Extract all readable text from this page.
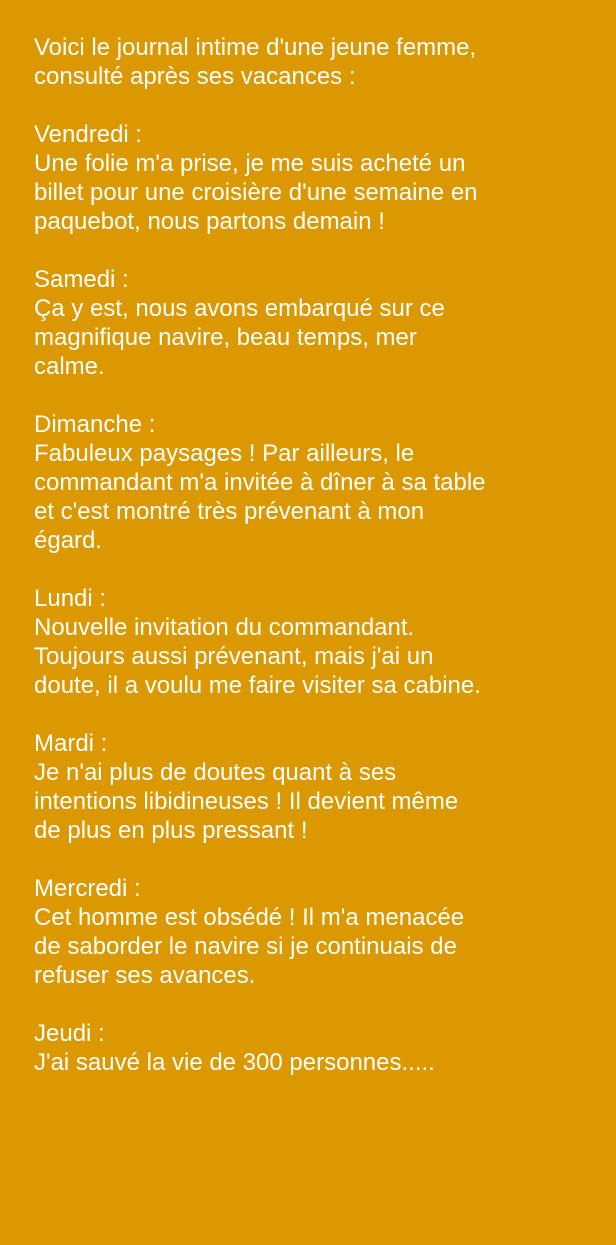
Voici le journal intime d'une jeune femme,
consulté après ses vacances :
Vendredi :
Une folie m'a prise, je me suis acheté un
billet pour une croisière d'une semaine en
paquebot, nous partons demain !
Samedi :
Ça y est, nous avons embarqué sur ce
magnifique navire, beau temps, mer
calme.
Dimanche :
Fabuleux paysages ! Par ailleurs, le
commandant m'a invitée à dîner à sa table
et c'est montré très prévenant à mon
égard.
Lundi :
Nouvelle invitation du commandant.
Toujours aussi prévenant, mais j'ai un
doute, il a voulu me faire visiter sa cabine.
Mardi :
Je n'ai plus de doutes quant à ses
intentions libidineuses ! Il devient même
de plus en plus pressant !
Mercredi :
Cet homme est obsédé ! Il m'a menacée
de saborder le navire si je continuais de
refuser ses avances.
Jeudi :
J'ai sauvé la vie de 300 personnes.....
